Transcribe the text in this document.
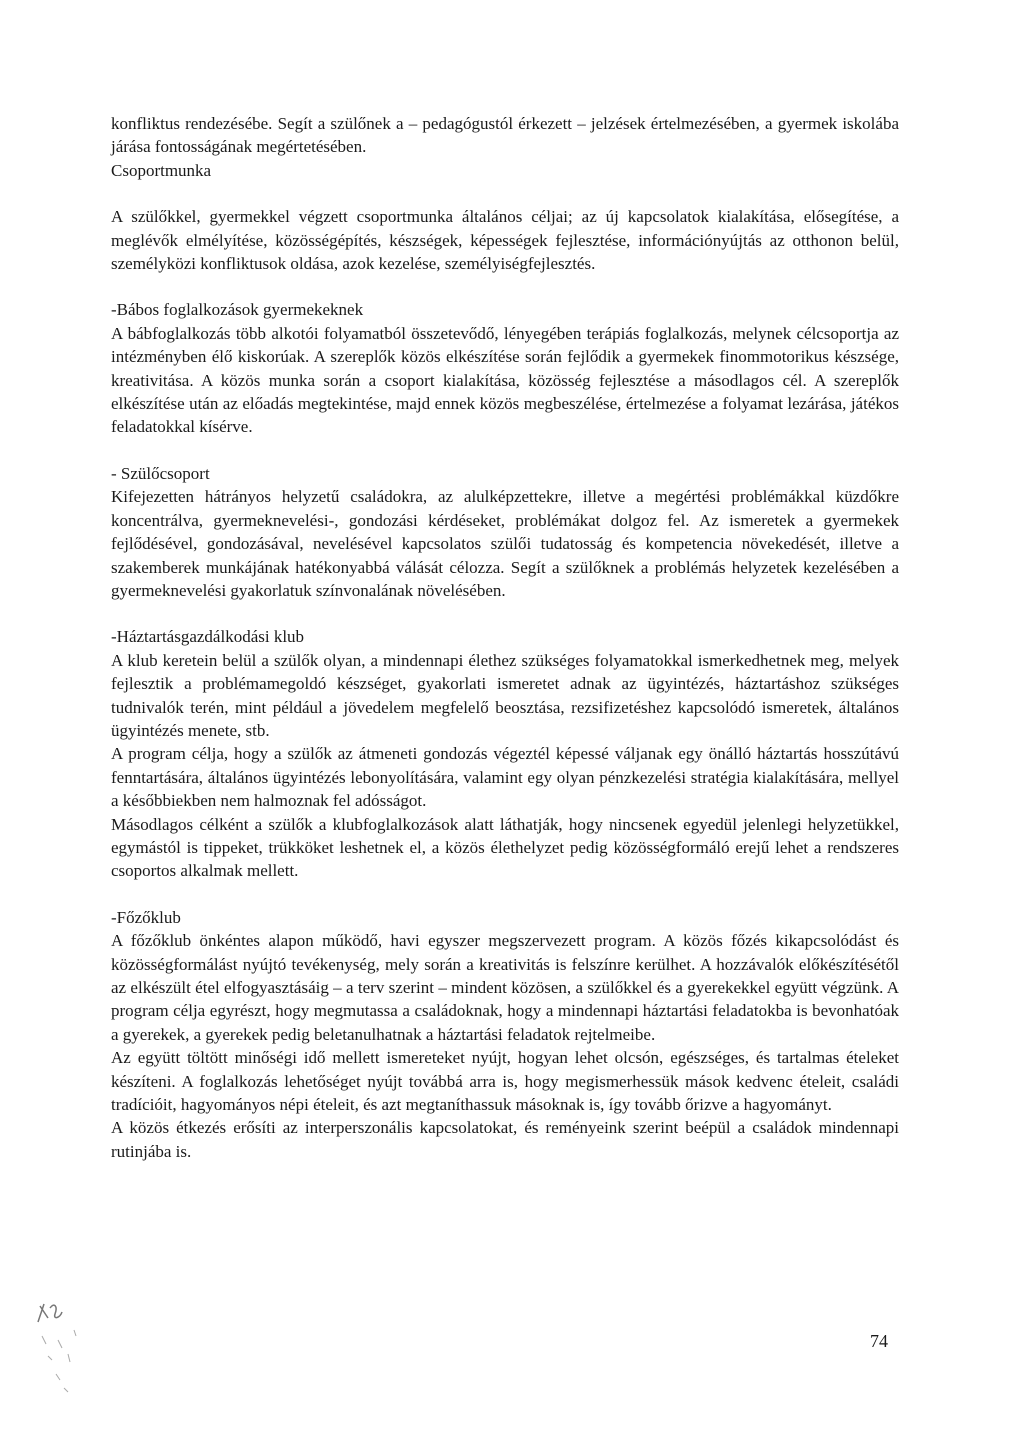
konfliktus rendezésébe. Segít a szülőnek a – pedagógustól érkezett – jelzések értelmezésében, a gyermek iskolába járása fontosságának megértetésében.

Csoportmunka

A szülőkkel, gyermekkel végzett csoportmunka általános céljai; az új kapcsolatok kialakítása, elősegítése, a meglévők elmélyítése, közösségépítés, készségek, képességek fejlesztése, információnyújtás az otthonon belül, személyközi konfliktusok oldása, azok kezelése, személyiségfejlesztés.

-Bábos foglalkozások gyermekeknek

A bábfoglalkozás több alkotói folyamatból összetevődő, lényegében terápiás foglalkozás, melynek célcsoportja az intézményben élő kiskorúak. A szereplők közös elkészítése során fejlődik a gyermekek finommotorikus készsége, kreativitása. A közös munka során a csoport kialakítása, közösség fejlesztése a másodlagos cél. A szereplők elkészítése után az előadás megtekintése, majd ennek közös megbeszélése, értelmezése a folyamat lezárása, játékos feladatokkal kísérve.

- Szülőcsoport

Kifejezetten hátrányos helyzetű családokra, az alulképzettekre, illetve a megértési problémákkal küzdőkre koncentrálva, gyermeknevelési-, gondozási kérdéseket, problémákat dolgoz fel. Az ismeretek a gyermekek fejlődésével, gondozásával, nevelésével kapcsolatos szülői tudatosság és kompetencia növekedését, illetve a szakemberek munkájának hatékonyabbá válását célozza. Segít a szülőknek a problémás helyzetek kezelésében a gyermeknevelési gyakorlatuk színvonalának növelésében.

-Háztartásgazdálkodási klub

A klub keretein belül a szülők olyan, a mindennapi élethez szükséges folyamatokkal ismerkedhetnek meg, melyek fejlesztik a problémamegoldó készséget, gyakorlati ismeretet adnak az ügyintézés, háztartáshoz szükséges tudnivalók terén, mint például a jövedelem megfelelő beosztása, rezsifizetéshez kapcsolódó ismeretek, általános ügyintézés menete, stb.

A program célja, hogy a szülők az átmeneti gondozás végeztél képessé váljanak egy önálló háztartás hosszútávú fenntartására, általános ügyintézés lebonyolítására, valamint egy olyan pénzkezelési stratégia kialakítására, mellyel a későbbiekben nem halmoznak fel adósságot.

Másodlagos célként a szülők a klubfoglalkozások alatt láthatják, hogy nincsenek egyedül jelenlegi helyzetükkel, egymástól is tippeket, trükköket leshetnek el, a közös élethelyzet pedig közösségformáló erejű lehet a rendszeres csoportos alkalmak mellett.

-Főzőklub

A főzőklub önkéntes alapon működő, havi egyszer megszervezett program. A közös főzés kikapcsolódást és közösségformálást nyújtó tevékenység, mely során a kreativitás is felszínre kerülhet. A hozzávalók előkészítésétől az elkészült étel elfogyasztásáig – a terv szerint – mindent közösen, a szülőkkel és a gyerekekkel együtt végzünk. A program célja egyrészt, hogy megmutassa a családoknak, hogy a mindennapi háztartási feladatokba is bevonhatóak a gyerekek, a gyerekek pedig beletanulhatnak a háztartási feladatok rejtelmeibe.

Az együtt töltött minőségi idő mellett ismereteket nyújt, hogyan lehet olcsón, egészséges, és tartalmas ételeket készíteni. A foglalkozás lehetőséget nyújt továbbá arra is, hogy megismerhessük mások kedvenc ételeit, családi tradícióit, hagyományos népi ételeit, és azt megtaníthassuk másoknak is, így tovább őrizve a hagyományt.

A közös étkezés erősíti az interperszonális kapcsolatokat, és reményeink szerint beépül a családok mindennapi rutinjába is.

74
